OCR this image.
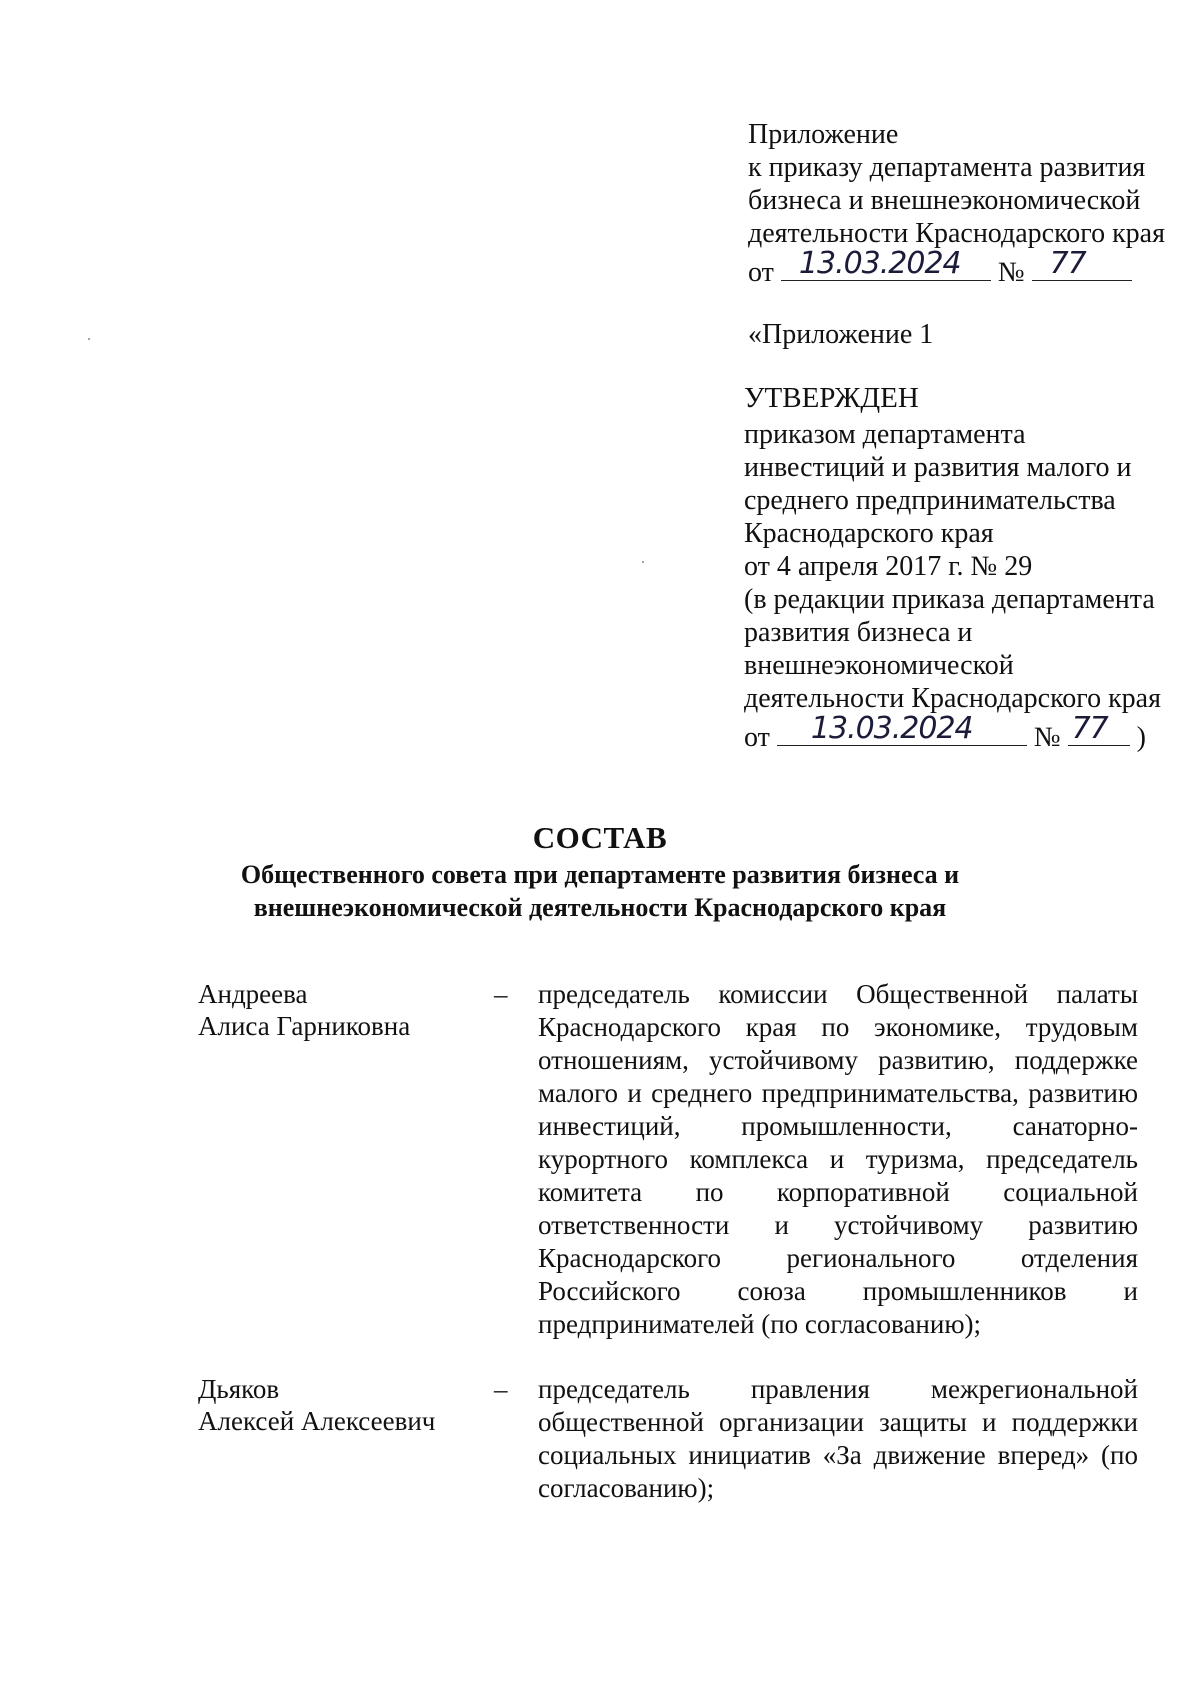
Приложение
к приказу департамента развития
бизнеса и внешнеэкономической
деятельности Краснодарского края
от 13.03.2024 № 77
«Приложение 1
УТВЕРЖДЕН
приказом департамента
инвестиций и развития малого и
среднего предпринимательства
Краснодарского края
от 4 апреля 2017 г. № 29
(в редакции приказа департамента
развития бизнеса и
внешнеэкономической
деятельности Краснодарского края
от 13.03.2024 № 77 )
СОСТАВ
Общественного совета при департаменте развития бизнеса и
внешнеэкономической деятельности Краснодарского края
Андреева
Алиса Гарниковна
–	председатель комиссии Общественной палаты Краснодарского края по экономике, трудовым отношениям, устойчивому развитию, поддержке малого и среднего предпринимательства, развитию инвестиций, промышленности, санаторно-курортного комплекса и туризма, председатель комитета по корпоративной социальной ответственности и устойчивому развитию Краснодарского регионального отделения Российского союза промышленников и предпринимателей (по согласованию);
Дьяков
Алексей Алексеевич
–	председатель правления межрегиональной общественной организации защиты и поддержки социальных инициатив «За движение вперед» (по согласованию);
